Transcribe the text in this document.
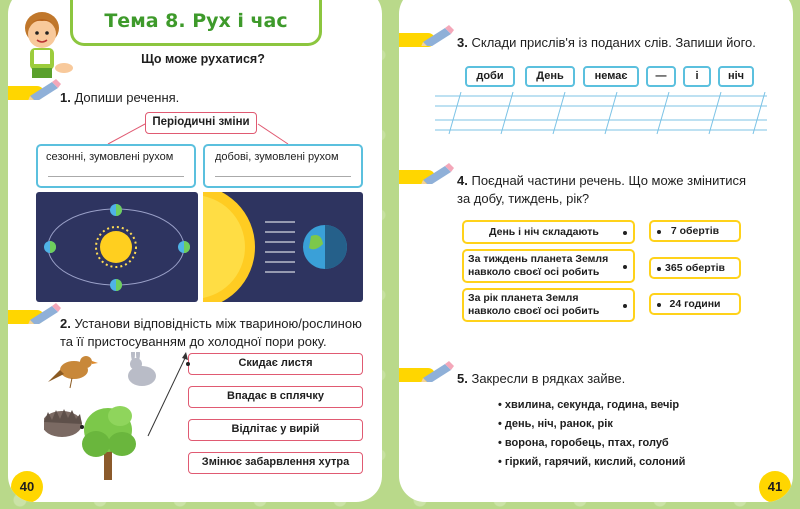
Тема 8. Рух і час
Що може рухатися?
1. Допиши речення.
Періодичні зміни
сезонні, зумовлені рухом	добові, зумовлені рухом
2. Установи відповідність між твариною/рослиною
та її пристосуванням до холодної пори року.
Скидає листя
Впадає в сплячку
Відлітає у вирій
Змінює забарвлення хутра
40
3. Склади прислів'я із поданих слів. Запиши його.
доби	День	немає	—	і	ніч
4. Поєднай частини речень. Що може змінитися
за добу, тиждень, рік?
День і ніч складають
За тиждень планета Земля навколо своєї осі робить
За рік планета Земля навколо своєї осі робить
7 обертів
365 обертів
24 години
5. Закресли в рядках зайве.
• хвилина, секунда, година, вечір
• день, ніч, ранок, рік
• ворона, горобець, птах, голуб
• гіркий, гарячий, кислий, солоний
41
